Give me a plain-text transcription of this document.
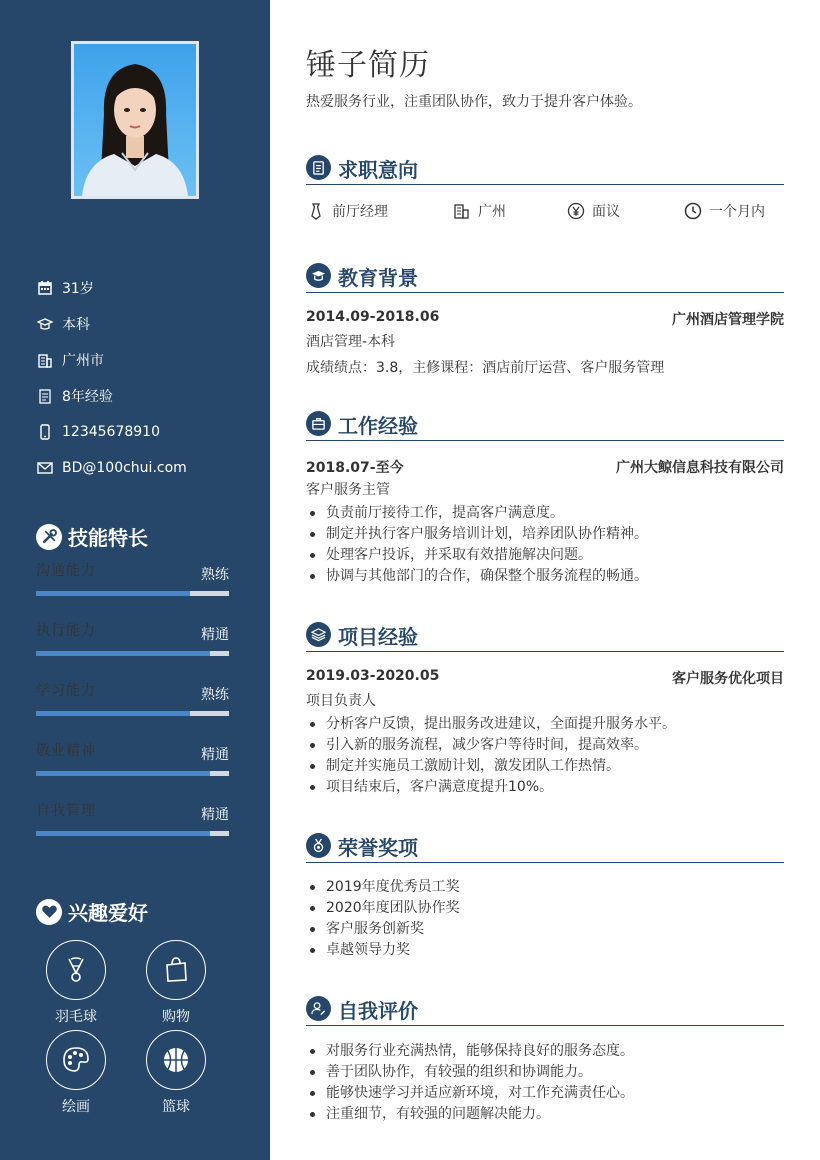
31岁
本科
广州市
8年经验
12345678910
BD@100chui.com
技能特长
沟通能力	熟练
执行能力	精通
学习能力	熟练
敬业精神	精通
自我管理	精通
兴趣爱好
羽毛球	购物
绘画	篮球
锤子简历
热爱服务行业，注重团队协作，致力于提升客户体验。
求职意向
前厅经理	广州	面议	一个月内
教育背景
2014.09-2018.06	广州酒店管理学院
酒店管理-本科
成绩绩点：3.8，主修课程：酒店前厅运营、客户服务管理
工作经验
2018.07-至今	广州大鲸信息科技有限公司
客户服务主管
负责前厅接待工作，提高客户满意度。
制定并执行客户服务培训计划，培养团队协作精神。
处理客户投诉，并采取有效措施解决问题。
协调与其他部门的合作，确保整个服务流程的畅通。
项目经验
2019.03-2020.05	客户服务优化项目
项目负责人
分析客户反馈，提出服务改进建议，全面提升服务水平。
引入新的服务流程，减少客户等待时间，提高效率。
制定并实施员工激励计划，激发团队工作热情。
项目结束后，客户满意度提升10%。
荣誉奖项
2019年度优秀员工奖
2020年度团队协作奖
客户服务创新奖
卓越领导力奖
自我评价
对服务行业充满热情，能够保持良好的服务态度。
善于团队协作，有较强的组织和协调能力。
能够快速学习并适应新环境，对工作充满责任心。
注重细节，有较强的问题解决能力。
